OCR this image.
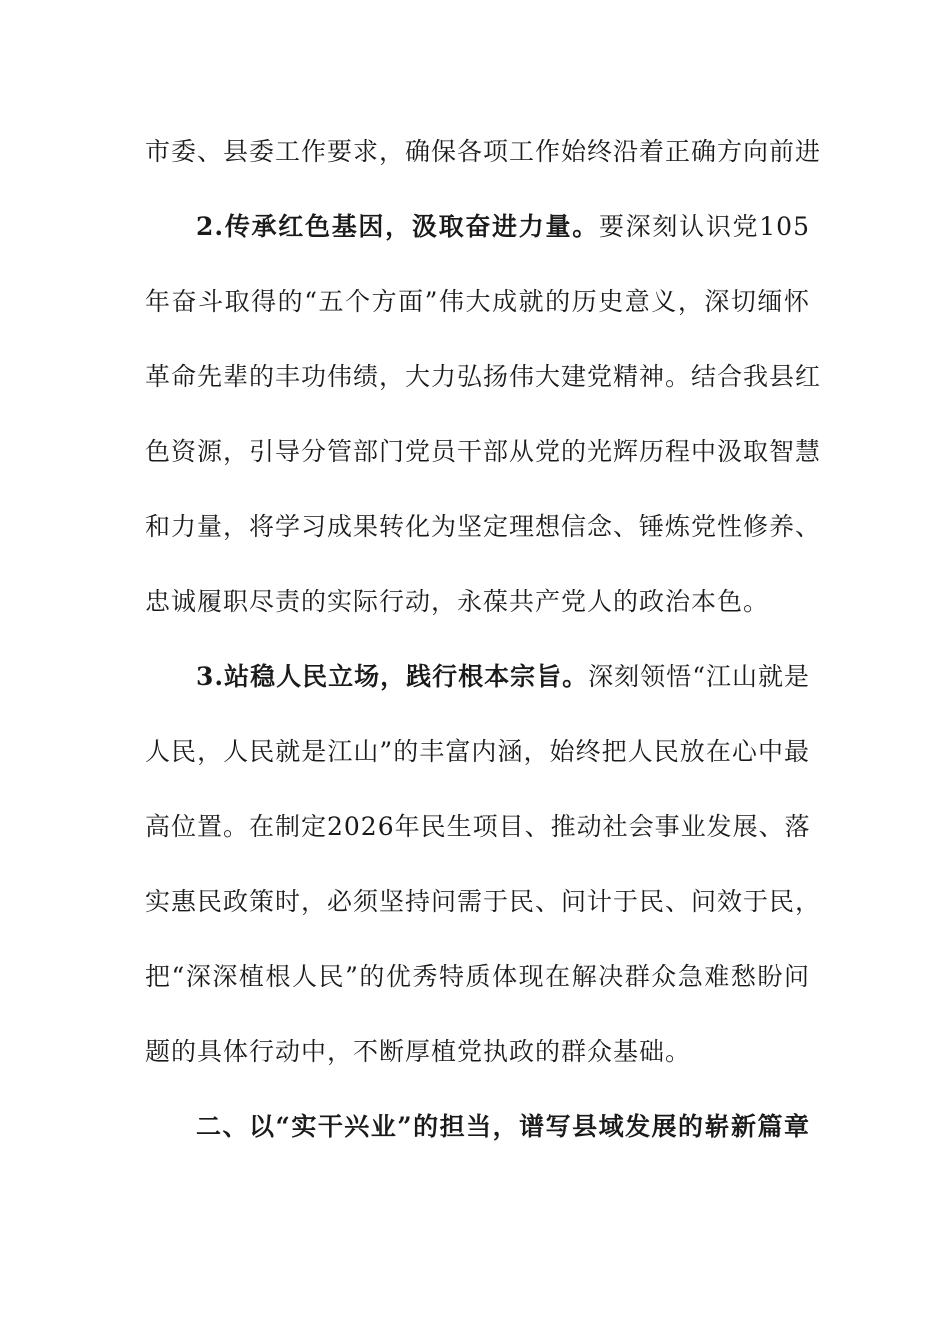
市委、县委工作要求，确保各项工作始终沿着正确方向前进
2.传承红色基因，汲取奋进力量。要深刻认识党105
年奋斗取得的“五个方面”伟大成就的历史意义，深切缅怀
革命先辈的丰功伟绩，大力弘扬伟大建党精神。结合我县红
色资源，引导分管部门党员干部从党的光辉历程中汲取智慧
和力量，将学习成果转化为坚定理想信念、锤炼党性修养、
忠诚履职尽责的实际行动，永葆共产党人的政治本色。
3.站稳人民立场，践行根本宗旨。深刻领悟“江山就是
人民，人民就是江山”的丰富内涵，始终把人民放在心中最
高位置。在制定2026年民生项目、推动社会事业发展、落
实惠民政策时，必须坚持问需于民、问计于民、问效于民，
把“深深植根人民”的优秀特质体现在解决群众急难愁盼问
题的具体行动中，不断厚植党执政的群众基础。
二、以“实干兴业”的担当，谱写县域发展的崭新篇章
